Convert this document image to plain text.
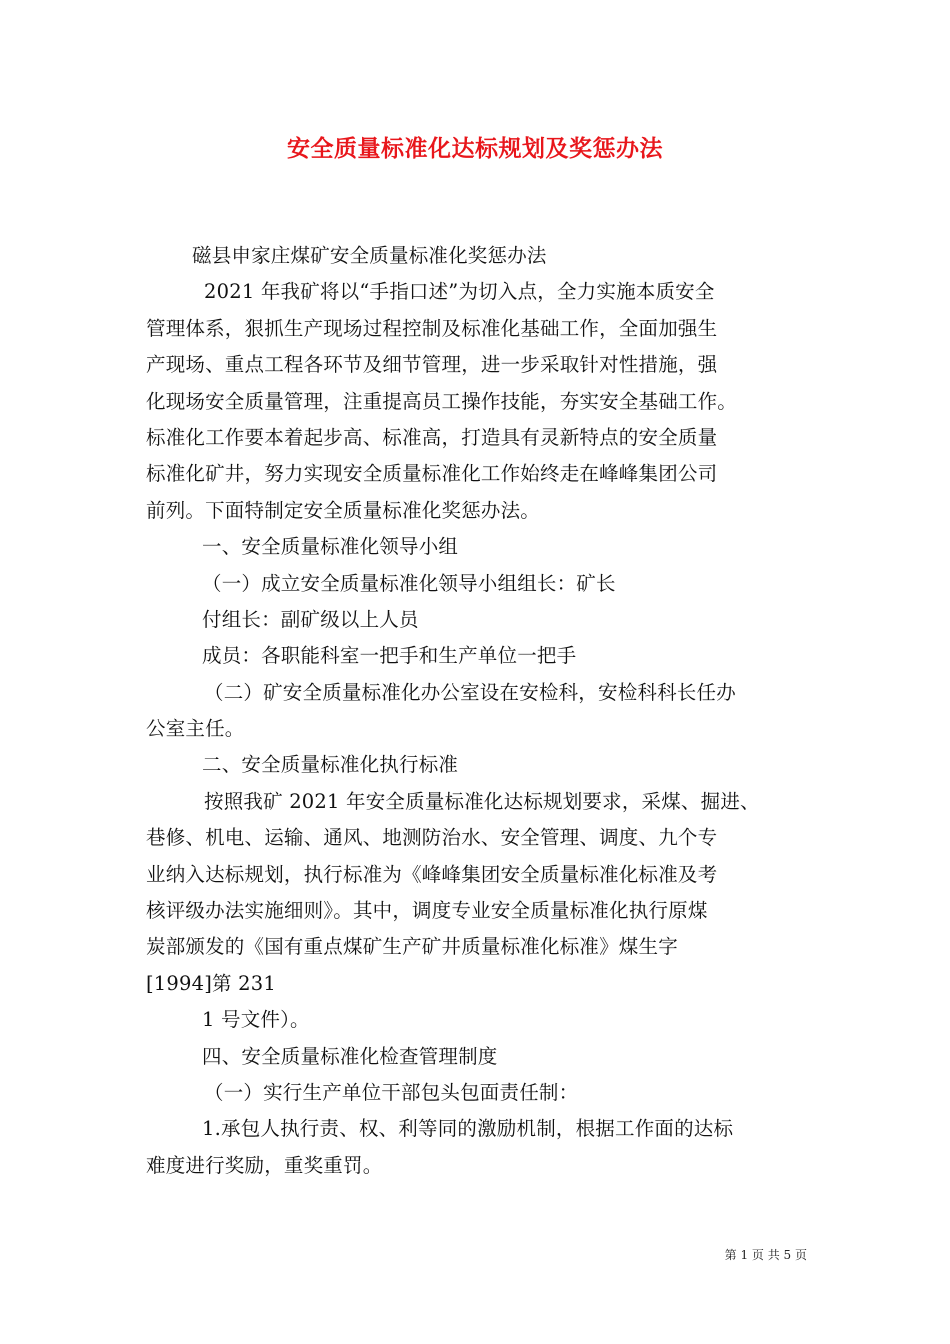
安全质量标准化达标规划及奖惩办法
磁县申家庄煤矿安全质量标准化奖惩办法
2021 年我矿将以“手指口述”为切入点，全力实施本质安全
管理体系，狠抓生产现场过程控制及标准化基础工作，全面加强生
产现场、重点工程各环节及细节管理，进一步采取针对性措施，强
化现场安全质量管理，注重提高员工操作技能，夯实安全基础工作。
标准化工作要本着起步高、标准高，打造具有灵新特点的安全质量
标准化矿井，努力实现安全质量标准化工作始终走在峰峰集团公司
前列。下面特制定安全质量标准化奖惩办法。
一、安全质量标准化领导小组
（一）成立安全质量标准化领导小组组长：矿长
付组长：副矿级以上人员
成员：各职能科室一把手和生产单位一把手
（二）矿安全质量标准化办公室设在安检科，安检科科长任办
公室主任。
二、安全质量标准化执行标准
按照我矿 2021 年安全质量标准化达标规划要求，采煤、掘进、
巷修、机电、运输、通风、地测防治水、安全管理、调度、九个专
业纳入达标规划，执行标准为《峰峰集团安全质量标准化标准及考
核评级办法实施细则》。其中，调度专业安全质量标准化执行原煤
炭部颁发的《国有重点煤矿生产矿井质量标准化标准》煤生字
[1994]第 231
1 号文件）。
四、安全质量标准化检查管理制度
（一）实行生产单位干部包头包面责任制：
1.承包人执行责、权、利等同的激励机制，根据工作面的达标
难度进行奖励，重奖重罚。
第 1 页 共 5 页
